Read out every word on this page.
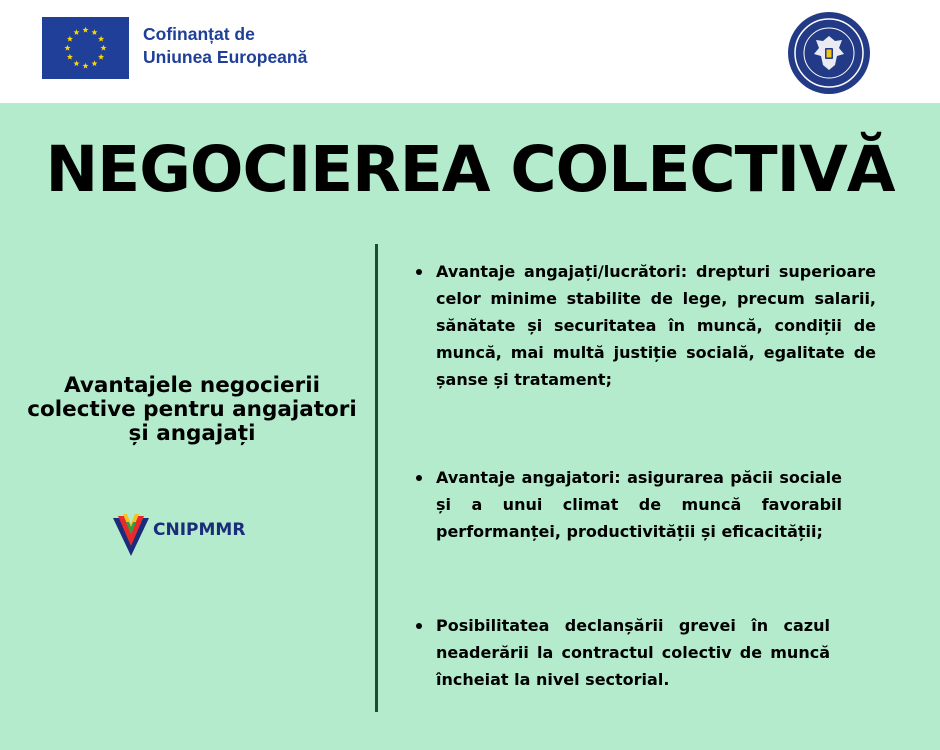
Cofinanțat de
Uniunea Europeană
NEGOCIEREA COLECTIVĂ
Avantajele negocierii colective pentru angajatori și angajați
CNIPMMR
Avantaje angajați/lucrători: drepturi superioare celor minime stabilite de lege, precum salarii, sănătate și securitatea în muncă, condiții de muncă, mai multă justiție socială, egalitate de șanse și tratament;
Avantaje angajatori: asigurarea păcii sociale și a unui climat de muncă favorabil performanței, productivității și eficacității;
Posibilitatea declanșării grevei în cazul neaderării la contractul colectiv de muncă încheiat la nivel sectorial.
